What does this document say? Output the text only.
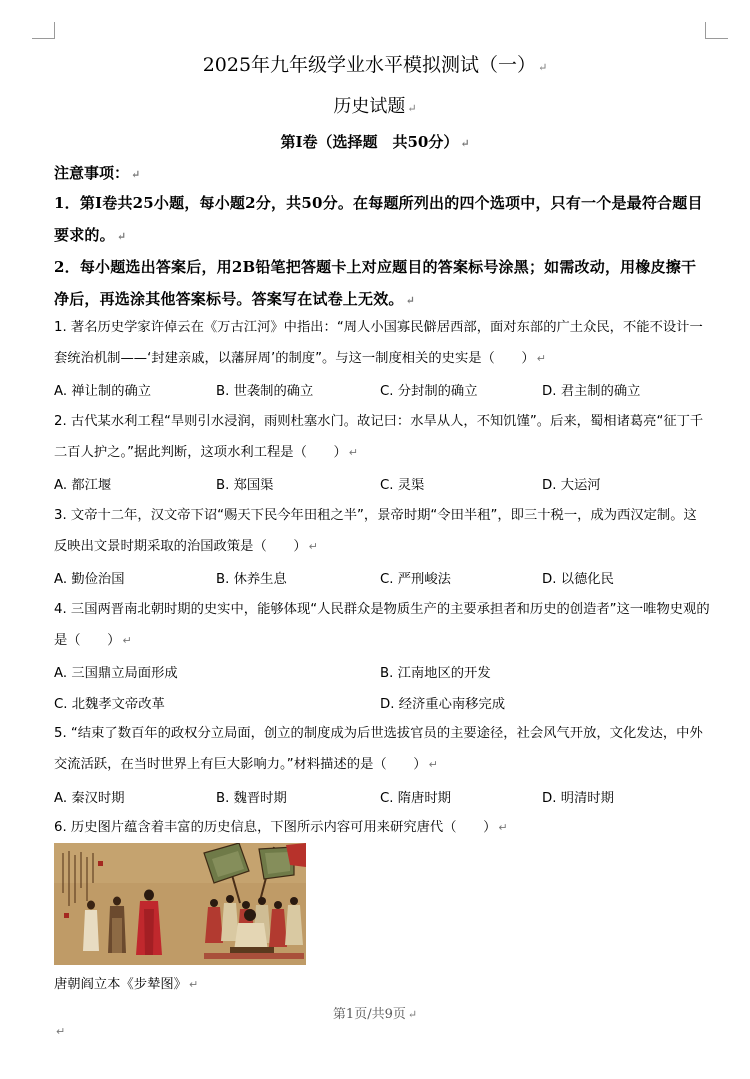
2025年九年级学业水平模拟测试（一） ↵
历史试题 ↵
第Ⅰ卷（选择题　共50分） ↵
注意事项： ↵
1．第Ⅰ卷共25小题，每小题2分，共50分。在每题所列出的四个选项中，只有一个是最符合题目要求的。 ↵
2．每小题选出答案后，用2B铅笔把答题卡上对应题目的答案标号涂黑；如需改动，用橡皮擦干净后，再选涂其他答案标号。答案写在试卷上无效。 ↵
1. 著名历史学家许倬云在《万古江河》中指出：“周人小国寡民僻居西部，面对东部的广土众民，不能不设计一套统治机制——‘封建亲戚，以藩屏周’的制度”。与这一制度相关的史实是（　　） ↵
A. 禅让制的确立	B. 世袭制的确立	C. 分封制的确立	D. 君主制的确立
2. 古代某水利工程“旱则引水浸润，雨则杜塞水门。故记曰：水旱从人，不知饥馑”。后来，蜀相诸葛亮“征丁千二百人护之。”据此判断，这项水利工程是（　　） ↵
A. 都江堰	B. 郑国渠	C. 灵渠	D. 大运河
3. 文帝十二年，汉文帝下诏“赐天下民今年田租之半”，景帝时期“令田半租”，即三十税一，成为西汉定制。这反映出文景时期采取的治国政策是（　　） ↵
A. 勤俭治国	B. 休养生息	C. 严刑峻法	D. 以德化民
4. 三国两晋南北朝时期的史实中，能够体现“人民群众是物质生产的主要承担者和历史的创造者”这一唯物史观的是（　　） ↵
A. 三国鼎立局面形成	B. 江南地区的开发
C. 北魏孝文帝改革	D. 经济重心南移完成
5. “结束了数百年的政权分立局面，创立的制度成为后世选拔官员的主要途径，社会风气开放，文化发达，中外交流活跃，在当时世界上有巨大影响力。”材料描述的是（　　） ↵
A. 秦汉时期	B. 魏晋时期	C. 隋唐时期	D. 明清时期
6. 历史图片蕴含着丰富的历史信息，下图所示内容可用来研究唐代（　　） ↵
唐朝阎立本《步辇图》 ↵
第1页/共9页 ↵
↵
